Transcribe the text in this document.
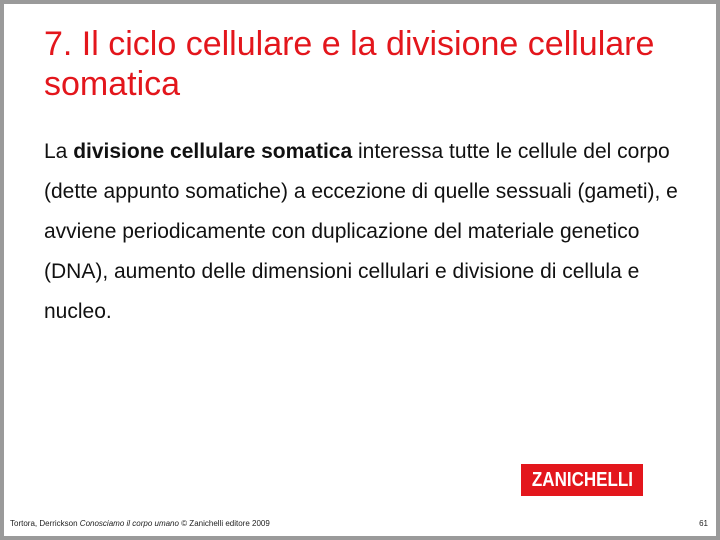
7. Il ciclo cellulare e la divisione cellulare somatica

La divisione cellulare somatica interessa tutte le cellule del corpo (dette appunto somatiche) a eccezione di quelle sessuali (gameti), e avviene periodicamente con duplicazione del materiale genetico (DNA), aumento delle dimensioni cellulari e divisione di cellula e nucleo.

ZANICHELLI
Tortora, Derrickson Conosciamo il corpo umano © Zanichelli editore 2009	61
